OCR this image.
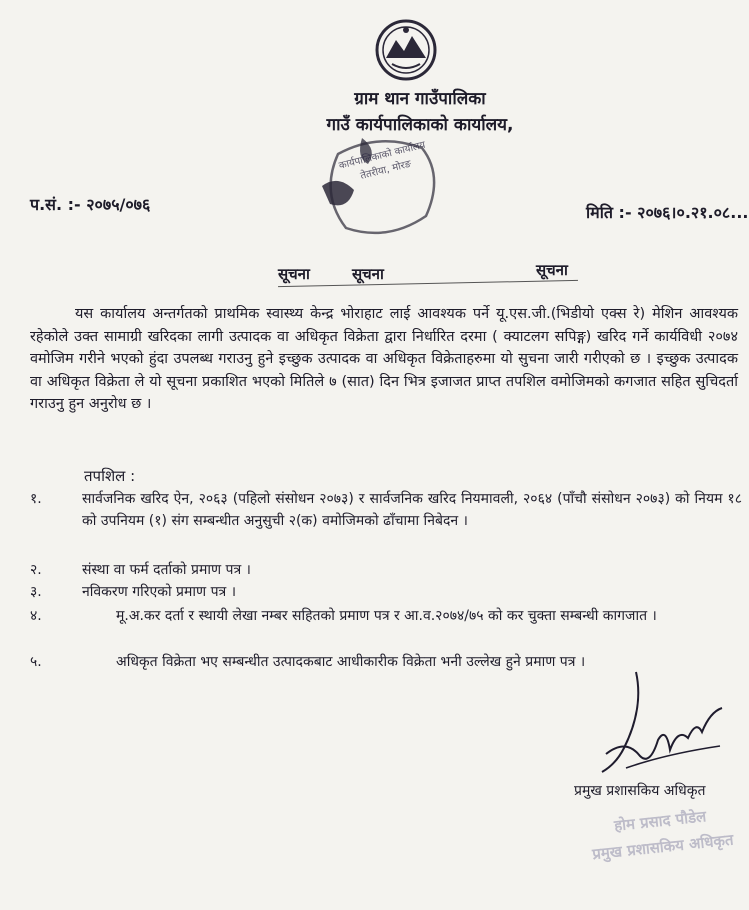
ग्राम थान गाउँपालिका
गाउँ कार्यपालिकाको कार्यालय,
कार्यपालिकाको कार्यालय तेतरीया, मोरङ
प.सं. :- २०७५/०७६	मिति :- २०७६।०.२१.०८...
सूचना	सूचना	सूचना
यस कार्यालय अन्तर्गतको प्राथमिक स्वास्थ्य केन्द्र भोराहाट लाई आवश्यक पर्ने यू.एस.जी.(भिडीयो एक्स रे) मेशिन आवश्यक रहेकोले उक्त सामाग्री खरिदका लागी उत्पादक वा अधिकृत विक्रेता द्वारा निर्धारित दरमा ( क्याटलग सपिङ्ग) खरिद गर्ने कार्यविधी २०७४ वमोजिम गरीने भएको हुंदा उपलब्ध गराउनु हुने इच्छुक उत्पादक वा अधिकृत विक्रेताहरुमा यो सुचना जारी गरीएको छ । इच्छुक उत्पादक वा अधिकृत विक्रेता ले यो सूचना प्रकाशित भएको मितिले ७ (सात) दिन भित्र इजाजत प्राप्त तपशिल वमोजिमको कगजात सहित सुचिदर्ता गराउनु हुन अनुरोध छ ।
तपशिल :
१.	सार्वजनिक खरिद ऐन, २०६३ (पहिलो संसोधन २०७३) र सार्वजनिक खरिद नियमावली, २०६४ (पाँचौ संसोधन २०७३) को नियम १८ को उपनियम (१) संग सम्बन्धीत अनुसुची २(क) वमोजिमको ढाँचामा निबेदन ।
२.	संस्था वा फर्म दर्ताको प्रमाण पत्र ।
३.	नविकरण गरिएको प्रमाण पत्र ।
४.	मू.अ.कर दर्ता र स्थायी लेखा नम्बर सहितको प्रमाण पत्र र आ.व.२०७४/७५ को कर चुक्ता सम्बन्धी कागजात ।
५.	अधिकृत विक्रेता भए सम्बन्धीत उत्पादकबाट आधीकारीक विक्रेता भनी उल्लेख हुने प्रमाण पत्र ।
प्रमुख प्रशासकिय अधिकृत
होम प्रसाद पौडेल
प्रमुख प्रशासकिय अधिकृत
